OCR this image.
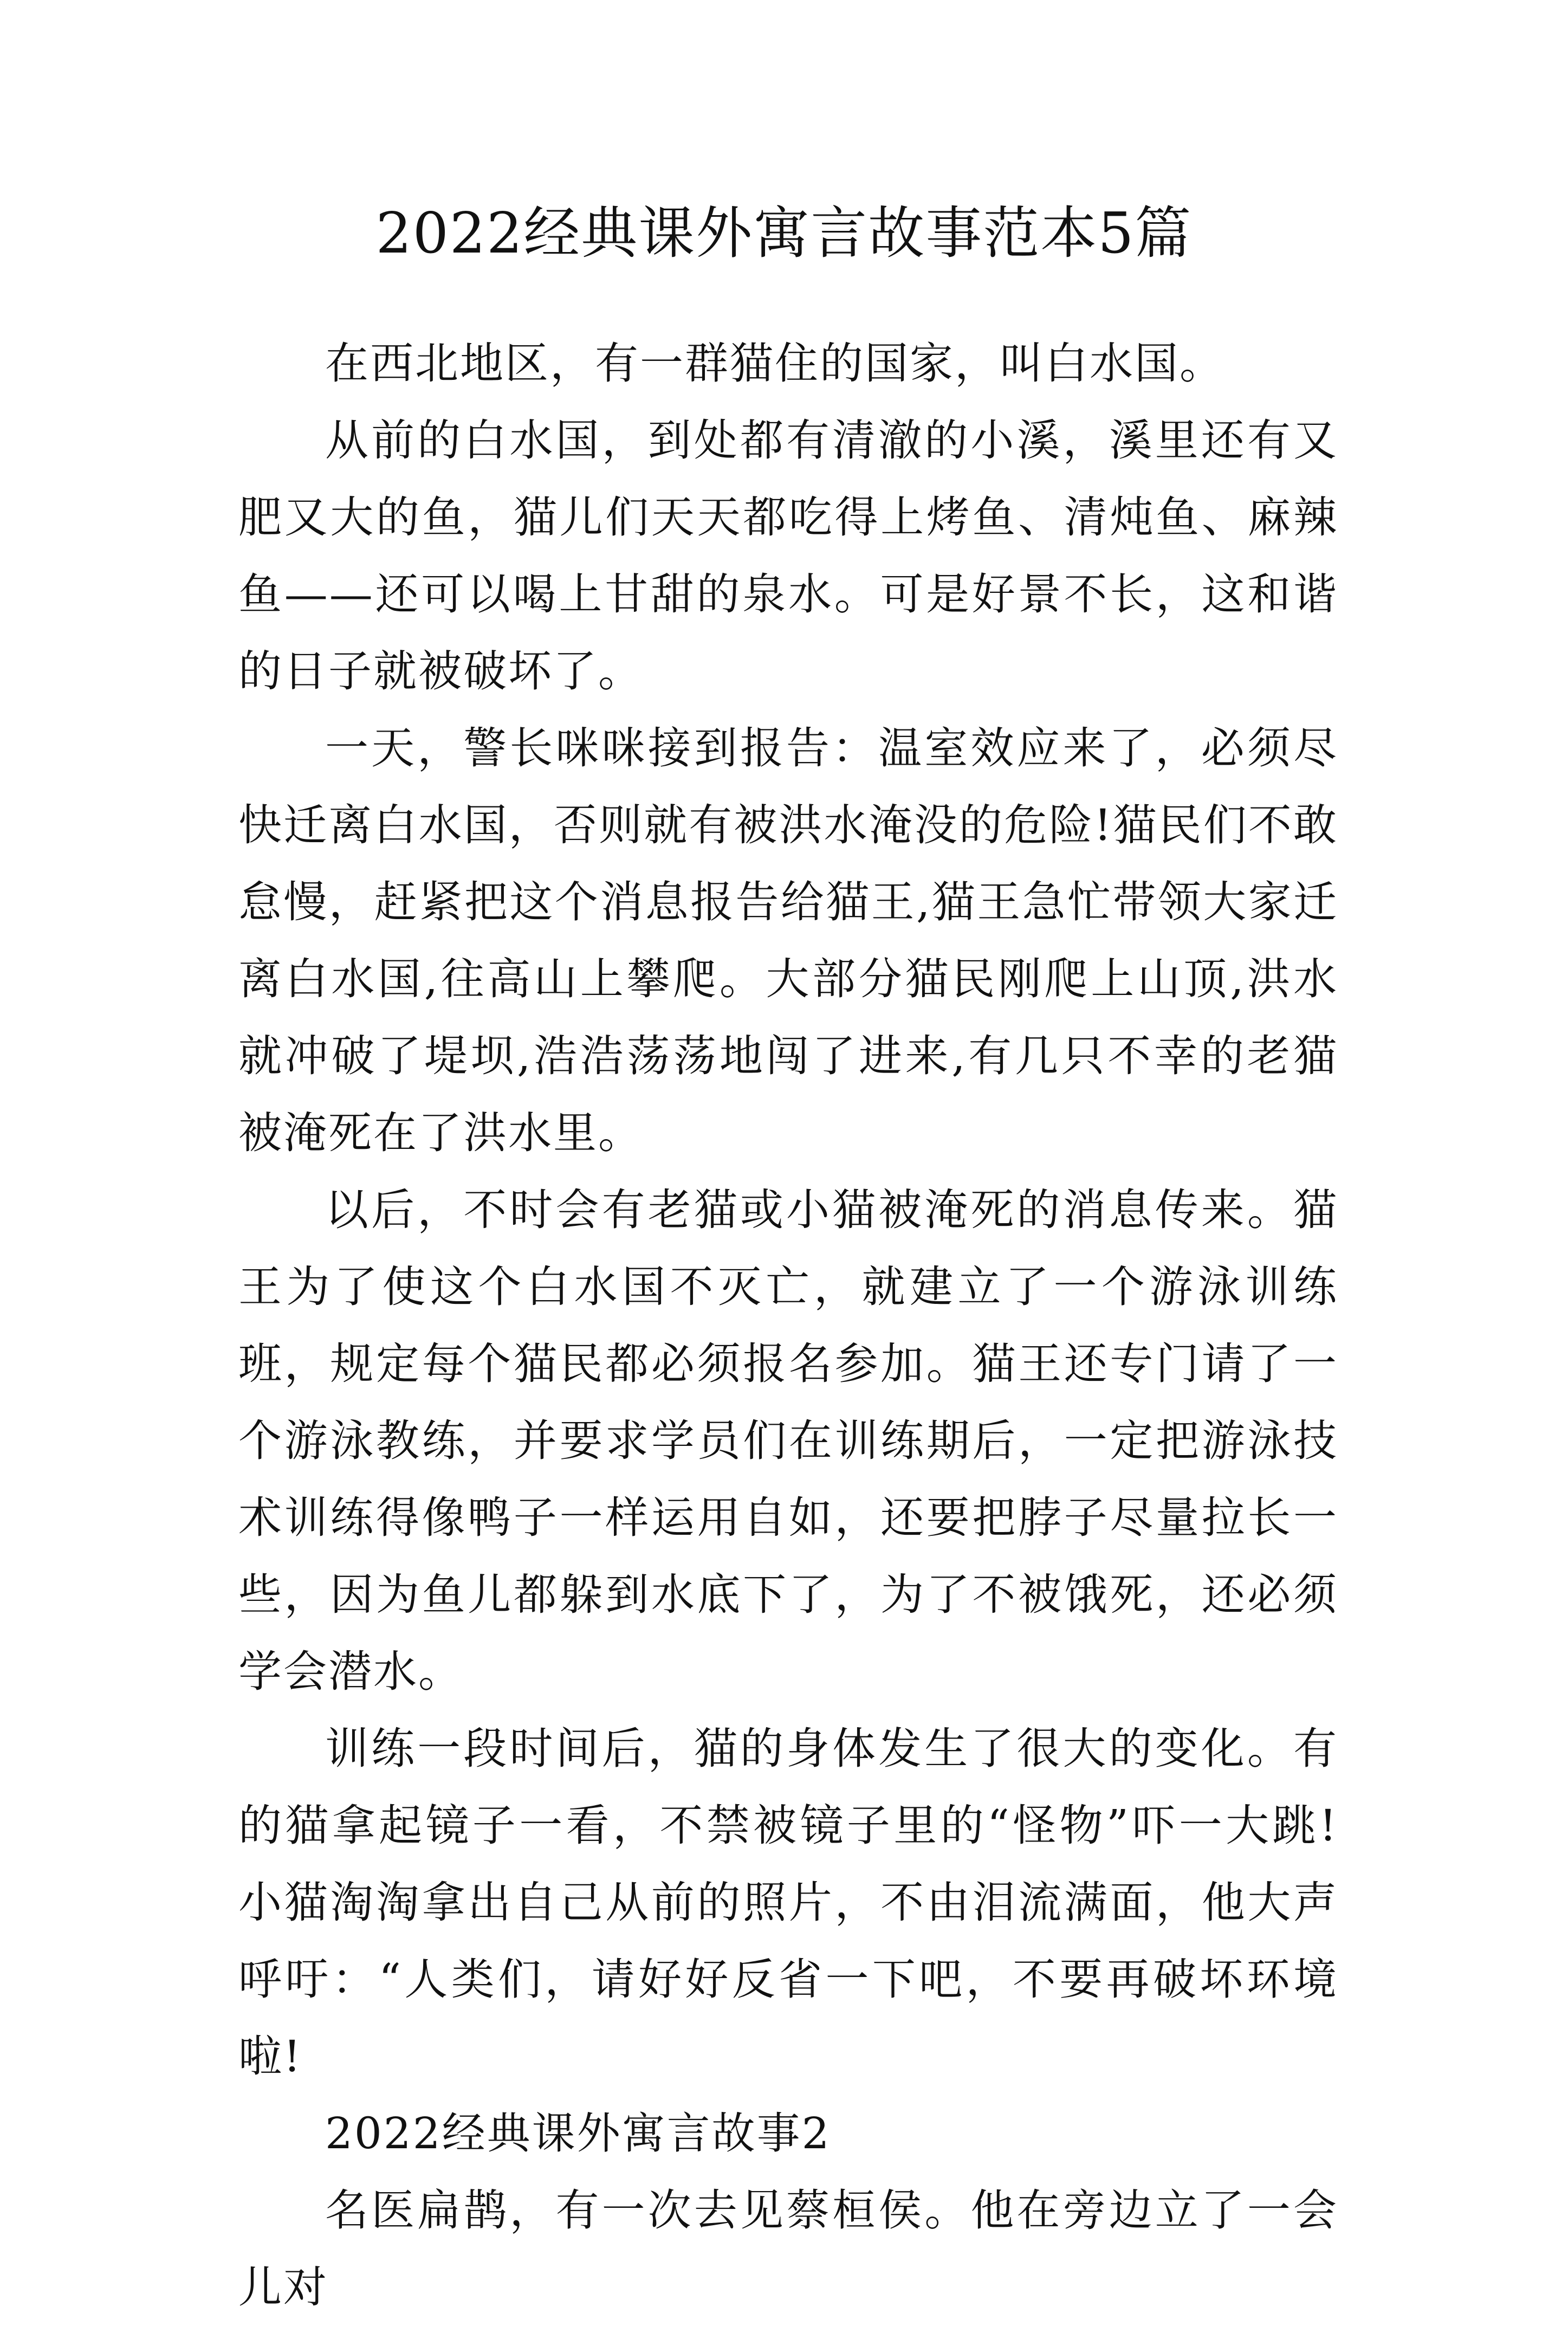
2022经典课外寓言故事范本5篇

在西北地区，有一群猫住的国家，叫白水国。

从前的白水国，到处都有清澈的小溪，溪里还有又肥又大的鱼，猫儿们天天都吃得上烤鱼、清炖鱼、麻辣鱼——还可以喝上甘甜的泉水。可是好景不长，这和谐的日子就被破坏了。

一天，警长咪咪接到报告：温室效应来了，必须尽快迁离白水国，否则就有被洪水淹没的危险!猫民们不敢怠慢，赶紧把这个消息报告给猫王,猫王急忙带领大家迁离白水国,往高山上攀爬。大部分猫民刚爬上山顶,洪水就冲破了堤坝,浩浩荡荡地闯了进来,有几只不幸的老猫被淹死在了洪水里。

以后，不时会有老猫或小猫被淹死的消息传来。猫王为了使这个白水国不灭亡，就建立了一个游泳训练班，规定每个猫民都必须报名参加。猫王还专门请了一个游泳教练，并要求学员们在训练期后，一定把游泳技术训练得像鸭子一样运用自如，还要把脖子尽量拉长一些，因为鱼儿都躲到水底下了，为了不被饿死，还必须学会潜水。

训练一段时间后，猫的身体发生了很大的变化。有的猫拿起镜子一看，不禁被镜子里的“怪物”吓一大跳!小猫淘淘拿出自己从前的照片，不由泪流满面，他大声呼吁：“人类们，请好好反省一下吧，不要再破坏环境啦!

2022经典课外寓言故事2

名医扁鹊，有一次去见蔡桓侯。他在旁边立了一会儿对
